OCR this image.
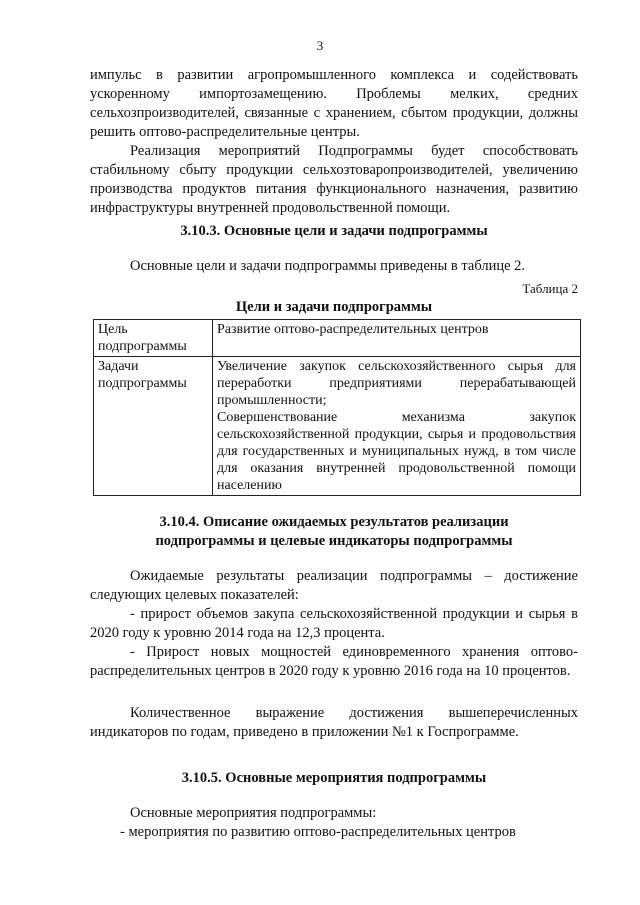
3
импульс в развитии агропромышленного комплекса и содействовать ускоренному импортозамещению. Проблемы мелких, средних сельхозпроизводителей, связанные с хранением, сбытом продукции, должны решить оптово-распределительные центры.
Реализация мероприятий Подпрограммы будет способствовать стабильному сбыту продукции сельхозтоваропроизводителей, увеличению производства продуктов питания функционального назначения, развитию инфраструктуры внутренней продовольственной помощи.
3.10.3. Основные цели и задачи подпрограммы
Основные цели и задачи подпрограммы приведены в таблице 2.
Таблица 2
Цели и задачи подпрограммы
Цель подпрограммы	Развитие оптово-распределительных центров
Задачи подпрограммы	Увеличение закупок сельскохозяйственного сырья для переработки предприятиями перерабатывающей промышленности;
Совершенствование механизма закупок сельскохозяйственной продукции, сырья и продовольствия для государственных и муниципальных нужд, в том числе для оказания внутренней продовольственной помощи населению
3.10.4. Описание ожидаемых результатов реализации
подпрограммы и целевые индикаторы подпрограммы
Ожидаемые результаты реализации подпрограммы – достижение следующих целевых показателей:
- прирост объемов закупа сельскохозяйственной продукции и сырья в 2020 году к уровню 2014 года на 12,3 процента.
- Прирост новых мощностей единовременного хранения оптово-распределительных центров в 2020 году к уровню 2016 года на 10 процентов.
Количественное выражение достижения вышеперечисленных индикаторов по годам, приведено в приложении №1 к Госпрограмме.
3.10.5. Основные мероприятия подпрограммы
Основные мероприятия подпрограммы:
- мероприятия по развитию оптово-распределительных центров
